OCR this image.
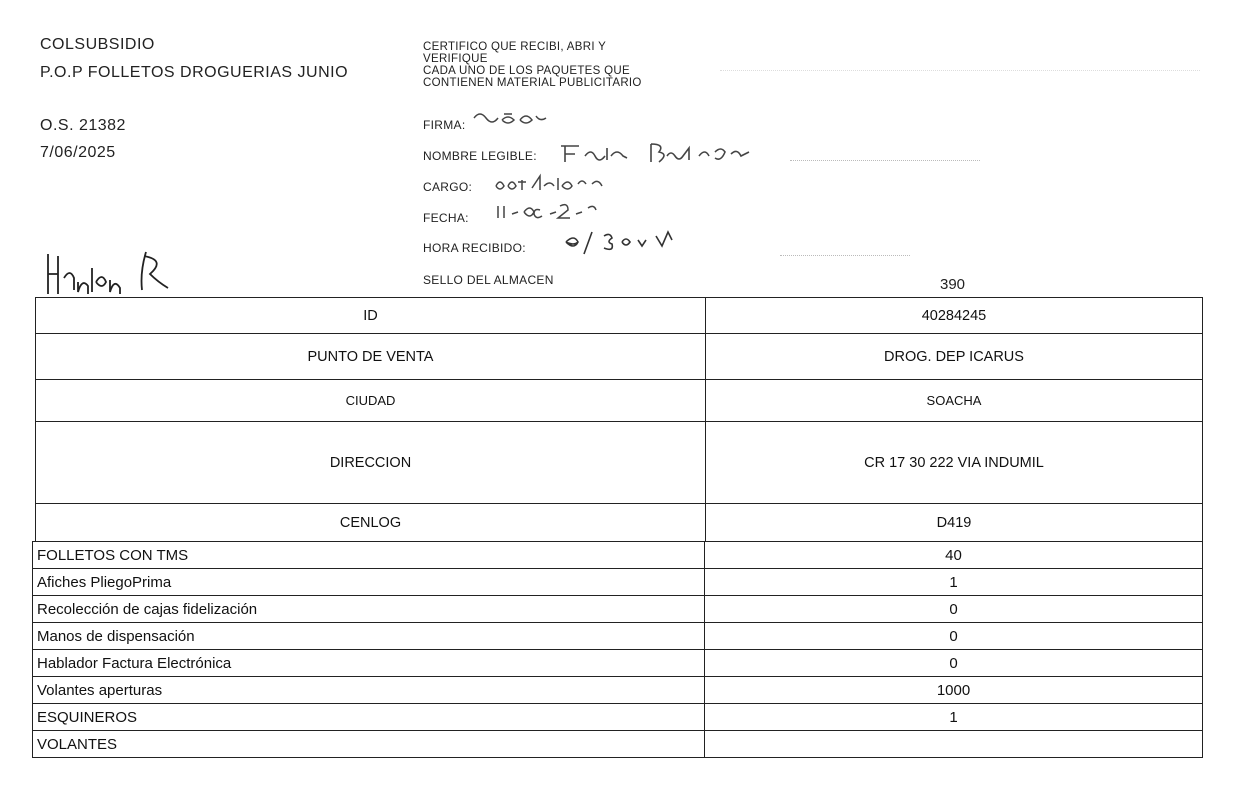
COLSUBSIDIO
P.O.P FOLLETOS DROGUERIAS JUNIO
O.S. 21382
7/06/2025
CERTIFICO QUE RECIBI, ABRI Y
VERIFIQUE
CADA UNO DE LOS PAQUETES QUE
CONTIENEN MATERIAL PUBLICITARIO
FIRMA:
NOMBRE LEGIBLE:
CARGO:
FECHA:
HORA RECIBIDO:
SELLO DEL ALMACEN	390
ID	40284245
PUNTO DE VENTA	DROG. DEP ICARUS
CIUDAD	SOACHA
DIRECCION	CR 17 30 222 VIA INDUMIL
CENLOG	D419
FOLLETOS CON TMS	40
Afiches PliegoPrima	1
Recolección de cajas fidelización	0
Manos de dispensación	0
Hablador Factura Electrónica	0
Volantes aperturas	1000
ESQUINEROS	1
VOLANTES	
